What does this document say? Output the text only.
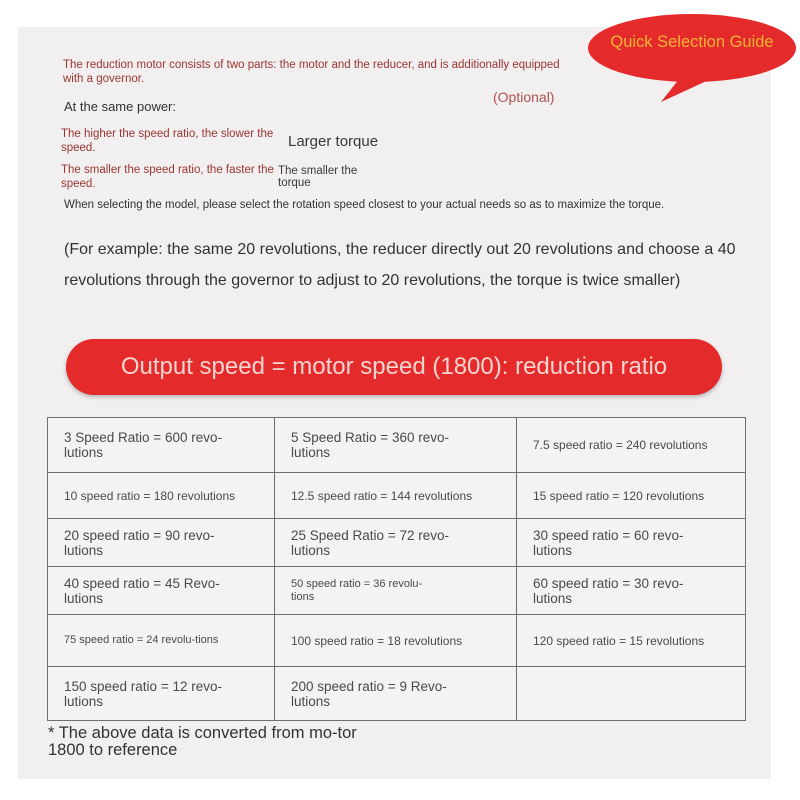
Quick Selection Guide
The reduction motor consists of two parts: the motor and the reducer, and is additionally equipped with a governor.
(Optional)
At the same power:
The higher the speed ratio, the slower the speed.	Larger torque
The smaller the speed ratio, the faster the speed.
The smaller the torque
When selecting the model, please select the rotation speed closest to your actual needs so as to maximize the torque.
(For example: the same 20 revolutions, the reducer directly out 20 revolutions and choose a 40 revolutions through the governor to adjust to 20 revolutions, the torque is twice smaller)
Output speed = motor speed (1800): reduction ratio
3 Speed Ratio = 600 revo-lutions	5 Speed Ratio = 360 revo-lutions	7.5 speed ratio = 240 revolutions
10 speed ratio = 180 revolutions	12.5 speed ratio = 144 revolutions	15 speed ratio = 120 revolutions

20 speed ratio = 90 revo-lutions	25 Speed Ratio = 72 revo-lutions	30 speed ratio = 60 revo-lutions

40 speed ratio = 45 Revo-lutions	50 speed ratio = 36 revolu-tions	60 speed ratio = 30 revo-lutions

75 speed ratio = 24 revolu-tions	100 speed ratio = 18 revolutions	120 speed ratio = 15 revolutions

150 speed ratio = 12 revo-lutions	200 speed ratio = 9 Revo-lutions	

* The above data is converted from mo-tor 1800 to reference
